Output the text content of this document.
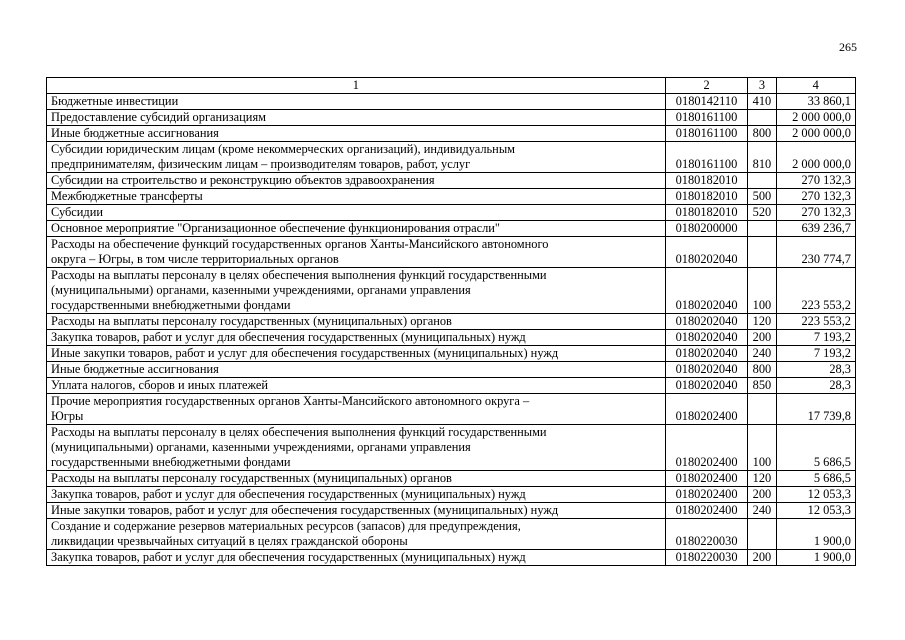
265
1	2	3	4

Бюджетные инвестиции	0180142110	410	33 860,1

Предоставление субсидий организациям	0180161100		2 000 000,0

Иные бюджетные ассигнования	0180161100	800	2 000 000,0

Субсидии юридическим лицам (кроме некоммерческих организаций), индивидуальным
предпринимателям, физическим лицам – производителям товаров, работ, услуг	0180161100	810	2 000 000,0

Субсидии на строительство и реконструкцию объектов здравоохранения	0180182010		270 132,3

Межбюджетные трансферты	0180182010	500	270 132,3

Субсидии	0180182010	520	270 132,3

Основное мероприятие "Организационное обеспечение функционирования отрасли"	0180200000		639 236,7

Расходы на обеспечение функций государственных органов Ханты-Мансийского автономного
округа – Югры, в том числе территориальных органов	0180202040		230 774,7

Расходы на выплаты персоналу в целях обеспечения выполнения функций государственными
(муниципальными) органами, казенными учреждениями, органами управления
государственными внебюджетными фондами	0180202040	100	223 553,2

Расходы на выплаты персоналу государственных (муниципальных) органов	0180202040	120	223 553,2

Закупка товаров, работ и услуг для обеспечения государственных (муниципальных) нужд	0180202040	200	7 193,2

Иные закупки товаров, работ и услуг для обеспечения государственных (муниципальных) нужд	0180202040	240	7 193,2

Иные бюджетные ассигнования	0180202040	800	28,3

Уплата налогов, сборов и иных платежей	0180202040	850	28,3

Прочие мероприятия государственных органов Ханты-Мансийского автономного округа –
Югры	0180202400		17 739,8

Расходы на выплаты персоналу в целях обеспечения выполнения функций государственными
(муниципальными) органами, казенными учреждениями, органами управления
государственными внебюджетными фондами	0180202400	100	5 686,5

Расходы на выплаты персоналу государственных (муниципальных) органов	0180202400	120	5 686,5

Закупка товаров, работ и услуг для обеспечения государственных (муниципальных) нужд	0180202400	200	12 053,3

Иные закупки товаров, работ и услуг для обеспечения государственных (муниципальных) нужд	0180202400	240	12 053,3

Создание и содержание резервов материальных ресурсов (запасов) для предупреждения,
ликвидации чрезвычайных ситуаций в целях гражданской обороны	0180220030		1 900,0

Закупка товаров, работ и услуг для обеспечения государственных (муниципальных) нужд	0180220030	200	1 900,0
